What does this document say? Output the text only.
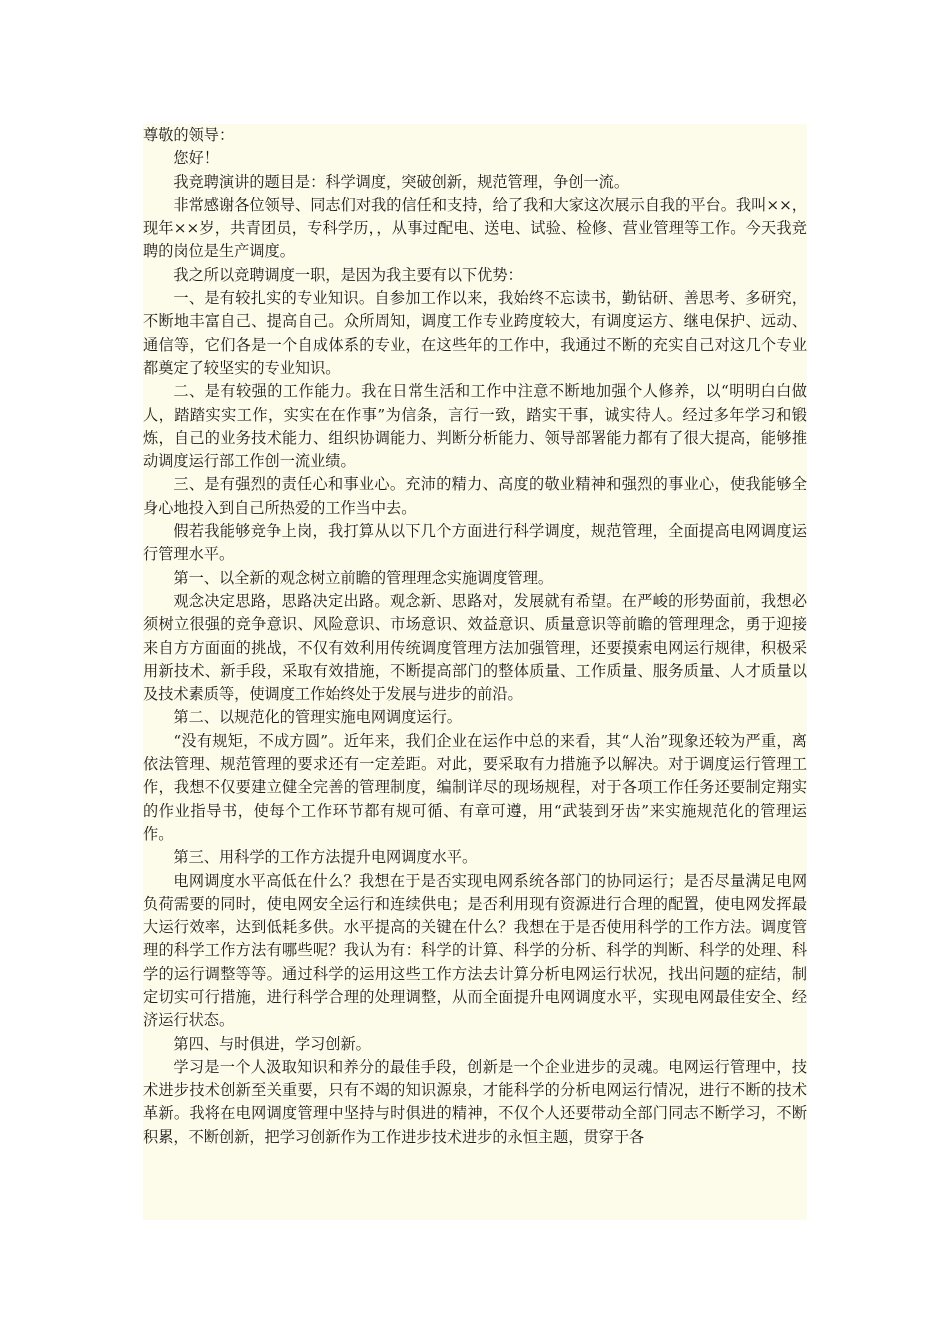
尊敬的领导：

您好！

我竞聘演讲的题目是：科学调度，突破创新，规范管理，争创一流。

非常感谢各位领导、同志们对我的信任和支持，给了我和大家这次展示自我的平台。我叫××，现年××岁，共青团员，专科学历，，从事过配电、送电、试验、检修、营业管理等工作。今天我竞聘的岗位是生产调度。

我之所以竞聘调度一职，是因为我主要有以下优势：

一、是有较扎实的专业知识。自参加工作以来，我始终不忘读书，勤钻研、善思考、多研究，不断地丰富自己、提高自己。众所周知，调度工作专业跨度较大，有调度运方、继电保护、远动、通信等，它们各是一个自成体系的专业，在这些年的工作中，我通过不断的充实自己对这几个专业都奠定了较坚实的专业知识。

二、是有较强的工作能力。我在日常生活和工作中注意不断地加强个人修养，以“明明白白做人，踏踏实实工作，实实在在作事”为信条，言行一致，踏实干事，诚实待人。经过多年学习和锻炼，自己的业务技术能力、组织协调能力、判断分析能力、领导部署能力都有了很大提高，能够推动调度运行部工作创一流业绩。

三、是有强烈的责任心和事业心。充沛的精力、高度的敬业精神和强烈的事业心，使我能够全身心地投入到自己所热爱的工作当中去。

假若我能够竞争上岗，我打算从以下几个方面进行科学调度，规范管理，全面提高电网调度运行管理水平。

第一、以全新的观念树立前瞻的管理理念实施调度管理。

观念决定思路，思路决定出路。观念新、思路对，发展就有希望。在严峻的形势面前，我想必须树立很强的竞争意识、风险意识、市场意识、效益意识、质量意识等前瞻的管理理念，勇于迎接来自方方面面的挑战，不仅有效利用传统调度管理方法加强管理，还要摸索电网运行规律，积极采用新技术、新手段，采取有效措施，不断提高部门的整体质量、工作质量、服务质量、人才质量以及技术素质等，使调度工作始终处于发展与进步的前沿。

第二、以规范化的管理实施电网调度运行。

“没有规矩，不成方圆”。近年来，我们企业在运作中总的来看，其“人治”现象还较为严重，离依法管理、规范管理的要求还有一定差距。对此，要采取有力措施予以解决。对于调度运行管理工作，我想不仅要建立健全完善的管理制度，编制详尽的现场规程，对于各项工作任务还要制定翔实的作业指导书，使每个工作环节都有规可循、有章可遵，用“武装到牙齿”来实施规范化的管理运作。

第三、用科学的工作方法提升电网调度水平。

电网调度水平高低在什么？我想在于是否实现电网系统各部门的协同运行；是否尽量满足电网负荷需要的同时，使电网安全运行和连续供电；是否利用现有资源进行合理的配置，使电网发挥最大运行效率，达到低耗多供。水平提高的关键在什么？我想在于是否使用科学的工作方法。调度管理的科学工作方法有哪些呢？我认为有：科学的计算、科学的分析、科学的判断、科学的处理、科学的运行调整等等。通过科学的运用这些工作方法去计算分析电网运行状况，找出问题的症结，制定切实可行措施，进行科学合理的处理调整，从而全面提升电网调度水平，实现电网最佳安全、经济运行状态。

第四、与时俱进，学习创新。

学习是一个人汲取知识和养分的最佳手段，创新是一个企业进步的灵魂。电网运行管理中，技术进步技术创新至关重要，只有不竭的知识源泉，才能科学的分析电网运行情况，进行不断的技术革新。我将在电网调度管理中坚持与时俱进的精神，不仅个人还要带动全部门同志不断学习，不断积累，不断创新，把学习创新作为工作进步技术进步的永恒主题，贯穿于各
